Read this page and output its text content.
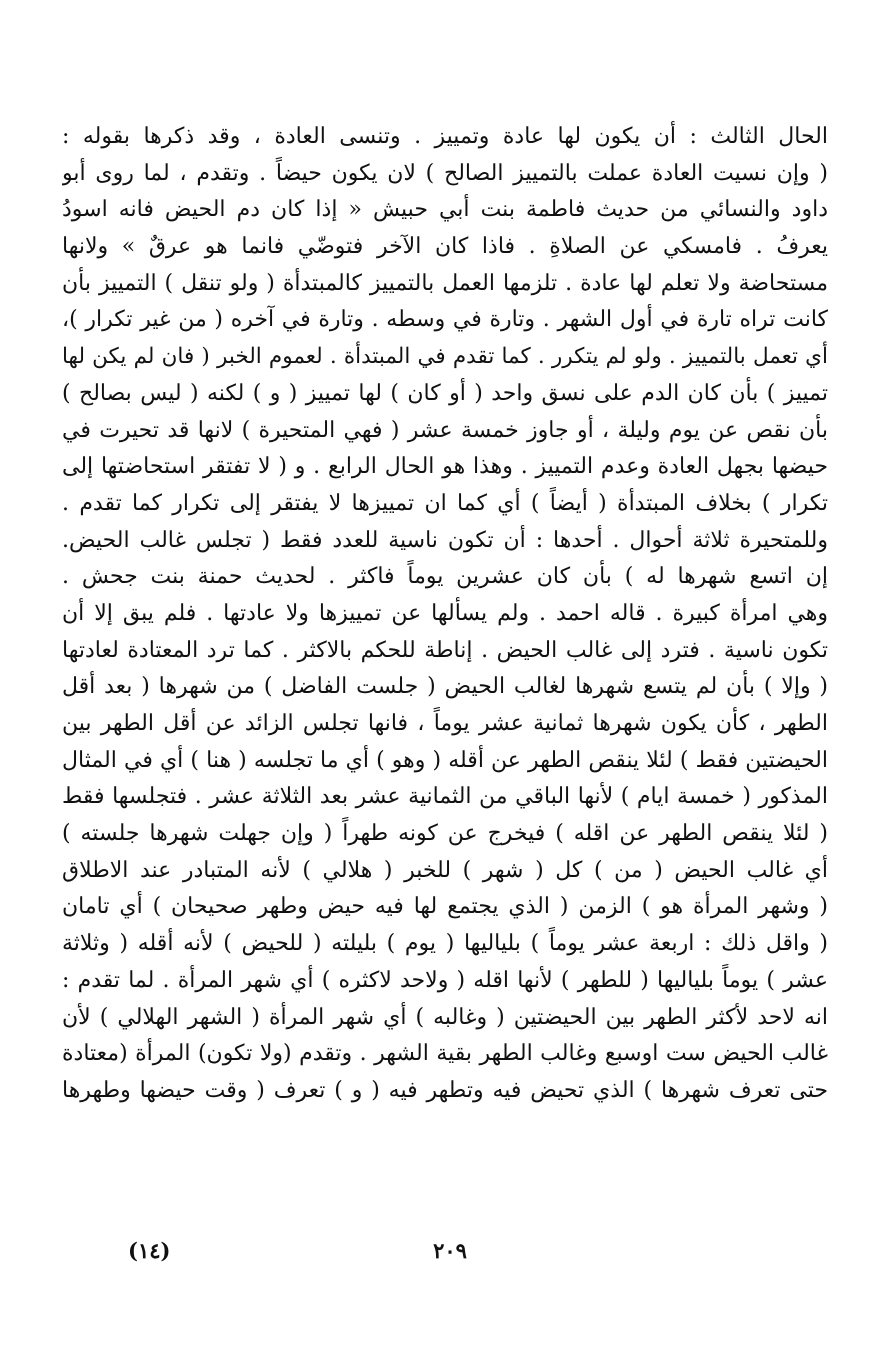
الحال الثالث : أن يكون لها عادة وتمييز . وتنسى العادة ، وقد ذكرها بقوله :
( وإن نسيت العادة عملت بالتمييز الصالح ) لان يكون حيضاً . وتقدم ، لما روى أبو
داود والنسائي من حديث فاطمة بنت أبي حبيش « إذا كان دم الحيض فانه اسودُ
يعرفُ . فامسكي عن الصلاةِ . فاذا كان الآخر فتوضّي فانما هو عرقٌ » ولانها
مستحاضة ولا تعلم لها عادة . تلزمها العمل بالتمييز كالمبتدأة ( ولو تنقل ) التمييز بأن
كانت تراه تارة في أول الشهر . وتارة في وسطه . وتارة في آخره ( من غير تكرار )،
أي تعمل بالتمييز . ولو لم يتكرر . كما تقدم في المبتدأة . لعموم الخبر ( فان لم يكن لها
تمييز ) بأن كان الدم على نسق واحد ( أو كان ) لها تمييز ( و ) لكنه ( ليس بصالح )
بأن نقص عن يوم وليلة ، أو جاوز خمسة عشر ( فهي المتحيرة ) لانها قد تحيرت في
حيضها بجهل العادة وعدم التمييز . وهذا هو الحال الرابع . و ( لا تفتقر استحاضتها إلى
تكرار ) بخلاف المبتدأة ( أيضاً ) أي كما ان تمييزها لا يفتقر إلى تكرار كما تقدم .
وللمتحيرة ثلاثة أحوال . أحدها : أن تكون ناسية للعدد فقط ( تجلس غالب الحيض.
إن اتسع شهرها له ) بأن كان عشرين يوماً فاكثر . لحديث حمنة بنت جحش .
وهي امرأة كبيرة . قاله احمد . ولم يسألها عن تمييزها ولا عادتها . فلم يبق إلا أن
تكون ناسية . فترد إلى غالب الحيض . إناطة للحكم بالاكثر . كما ترد المعتادة لعادتها
( وإلا ) بأن لم يتسع شهرها لغالب الحيض ( جلست الفاضل ) من شهرها ( بعد أقل
الطهر ، كأن يكون شهرها ثمانية عشر يوماً ، فانها تجلس الزائد عن أقل الطهر بين
الحيضتين فقط ) لئلا ينقص الطهر عن أقله ( وهو ) أي ما تجلسه ( هنا ) أي في المثال
المذكور ( خمسة ايام ) لأنها الباقي من الثمانية عشر بعد الثلاثة عشر . فتجلسها فقط
( لئلا ينقص الطهر عن اقله ) فيخرج عن كونه طهراً ( وإن جهلت شهرها جلسته )
أي غالب الحيض ( من ) كل ( شهر ) للخبر ( هلالي ) لأنه المتبادر عند الاطلاق
( وشهر المرأة هو ) الزمن ( الذي يجتمع لها فيه حيض وطهر صحيحان ) أي تامان
( واقل ذلك : اربعة عشر يوماً ) بلياليها ( يوم ) بليلته ( للحيض ) لأنه أقله ( وثلاثة
عشر ) يوماً بلياليها ( للطهر ) لأنها اقله ( ولاحد لاكثره ) أي شهر المرأة . لما تقدم :
انه لاحد لأكثر الطهر بين الحيضتين ( وغالبه ) أي شهر المرأة ( الشهر الهلالي ) لأن
غالب الحيض ست اوسبع وغالب الطهر بقية الشهر . وتقدم (ولا تكون) المرأة (معتادة
حتى تعرف شهرها ) الذي تحيض فيه وتطهر فيه ( و ) تعرف ( وقت حيضها وطهرها
٢٠٩
(١٤)
